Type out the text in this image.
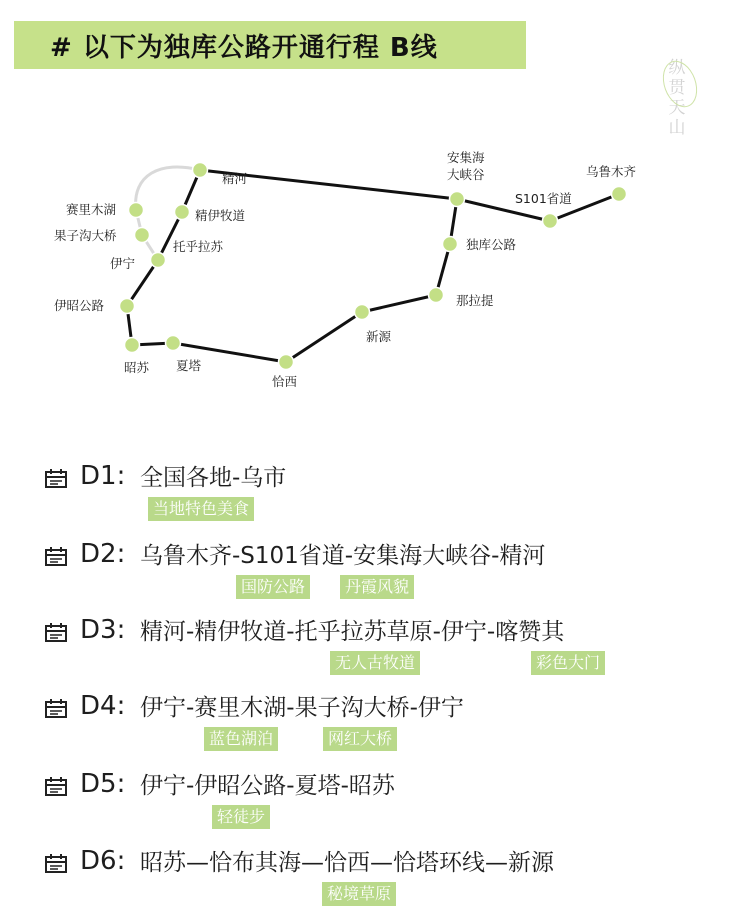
# 以下为独库公路开通行程 B线
纵
贯
天
山
精河
精伊牧道
托乎拉苏
赛里木湖
果子沟大桥
伊宁
伊昭公路
昭苏 夏塔
恰西
新源
那拉提
独库公路
安集海
大峡谷
S101省道
乌鲁木齐
D1: 全国各地-乌市
当地特色美食
D2: 乌鲁木齐-S101省道-安集海大峡谷-精河
国防公路	丹霞风貌
D3: 精河-精伊牧道-托乎拉苏草原-伊宁-喀赞其
无人古牧道	彩色大门
D4: 伊宁-赛里木湖-果子沟大桥-伊宁
蓝色湖泊	网红大桥
D5: 伊宁-伊昭公路-夏塔-昭苏
轻徒步
D6: 昭苏—恰布其海—恰西—恰塔环线—新源
秘境草原
